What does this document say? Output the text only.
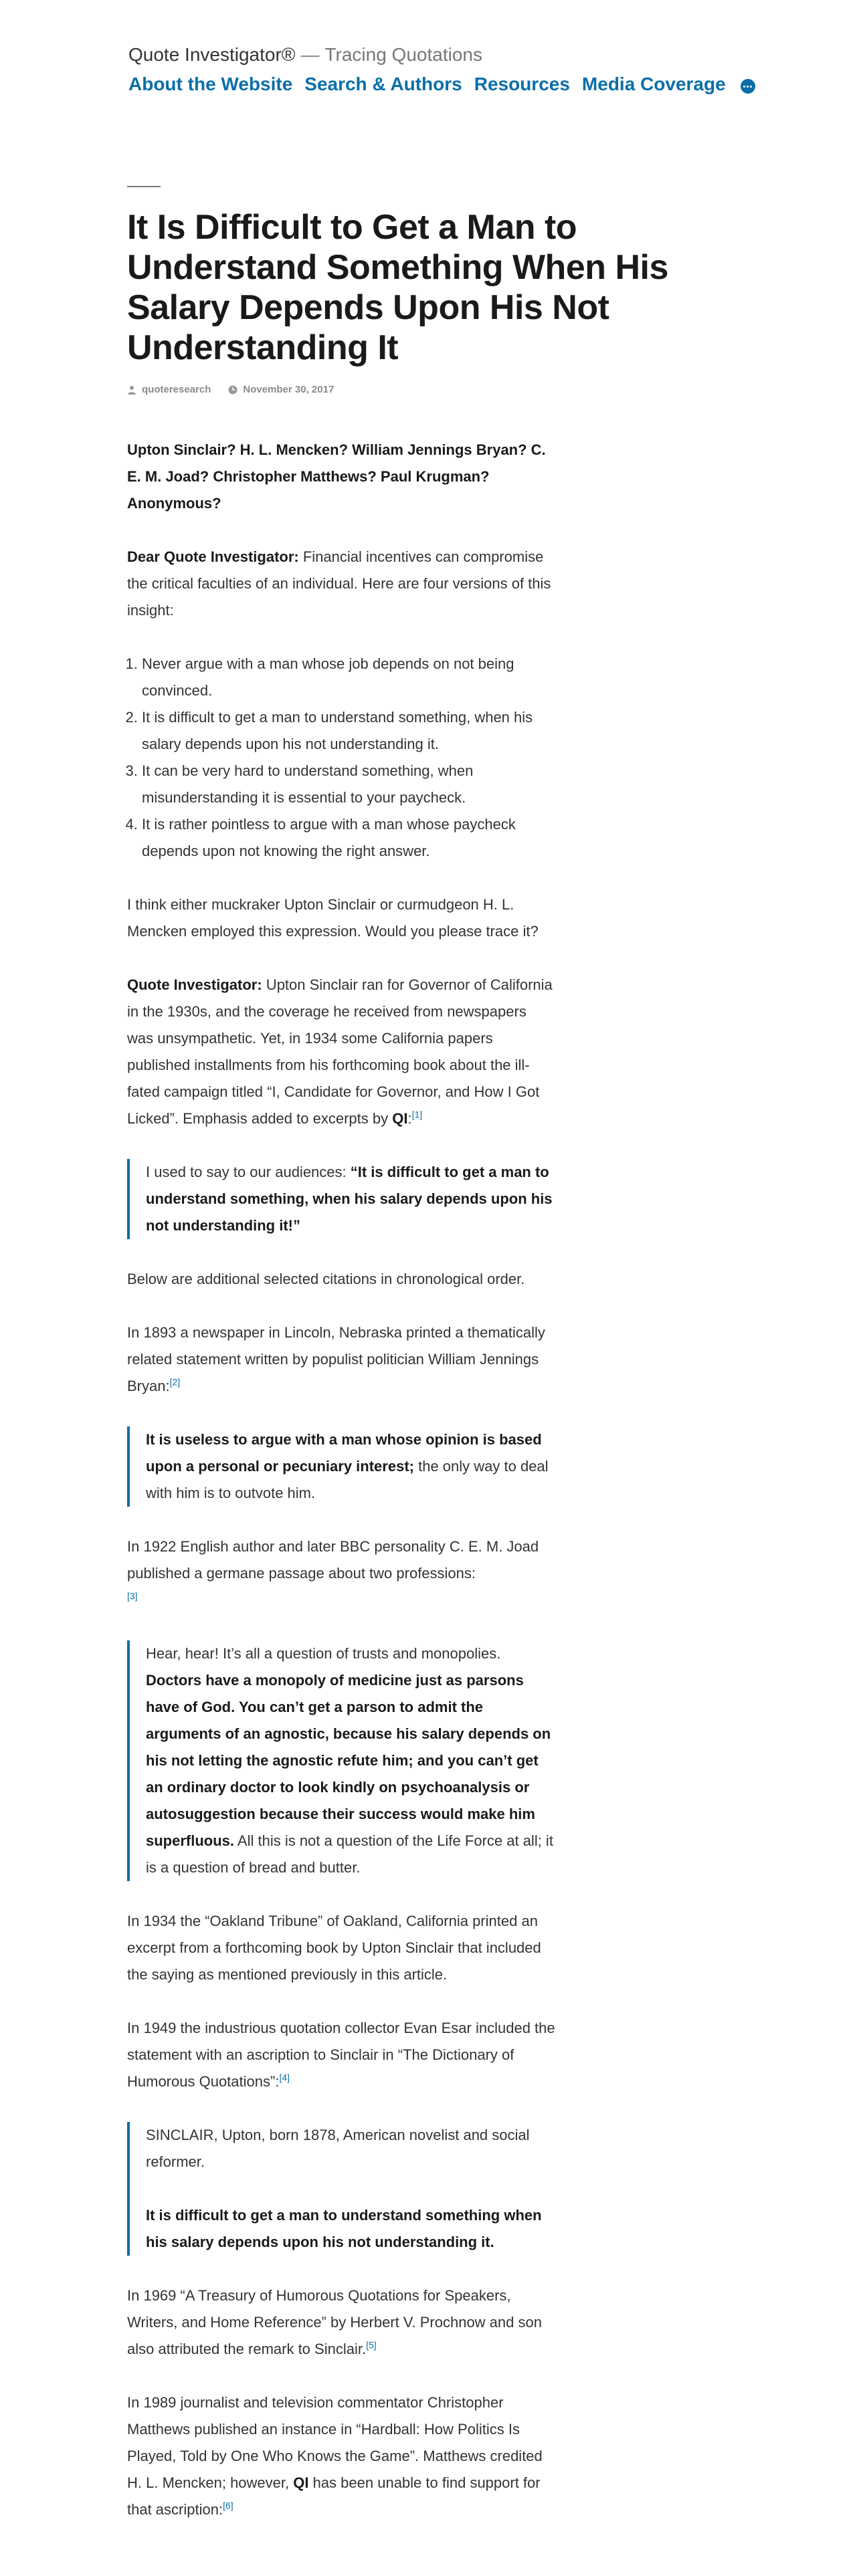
Quote Investigator® — Tracing Quotations
About the Website Search & Authors Resources Media Coverage
It Is Difficult to Get a Man to Understand Something When His Salary Depends Upon His Not Understanding It
quoteresearch	November 30, 2017

Upton Sinclair? H. L. Mencken? William Jennings Bryan? C. E. M. Joad? Christopher Matthews? Paul Krugman? Anonymous?

Dear Quote Investigator: Financial incentives can compromise the critical faculties of an individual. Here are four versions of this insight:

1. Never argue with a man whose job depends on not being convinced.
2. It is difficult to get a man to understand something, when his salary depends upon his not understanding it.
3. It can be very hard to understand something, when misunderstanding it is essential to your paycheck.
4. It is rather pointless to argue with a man whose paycheck depends upon not knowing the right answer.

I think either muckraker Upton Sinclair or curmudgeon H. L. Mencken employed this expression. Would you please trace it?

Quote Investigator: Upton Sinclair ran for Governor of California in the 1930s, and the coverage he received from newspapers was unsympathetic. Yet, in 1934 some California papers published installments from his forthcoming book about the ill-fated campaign titled “I, Candidate for Governor, and How I Got Licked”. Emphasis added to excerpts by QI:[1]

I used to say to our audiences: “It is difficult to get a man to understand something, when his salary depends upon his not understanding it!”

Below are additional selected citations in chronological order.

In 1893 a newspaper in Lincoln, Nebraska printed a thematically related statement written by populist politician William Jennings Bryan:[2]

It is useless to argue with a man whose opinion is based upon a personal or pecuniary interest; the only way to deal with him is to outvote him.

In 1922 English author and later BBC personality C. E. M. Joad published a germane passage about two professions:
[3]

Hear, hear! It’s all a question of trusts and monopolies. Doctors have a monopoly of medicine just as parsons have of God. You can’t get a parson to admit the arguments of an agnostic, because his salary depends on his not letting the agnostic refute him; and you can’t get an ordinary doctor to look kindly on psychoanalysis or autosuggestion because their success would make him superfluous. All this is not a question of the Life Force at all; it is a question of bread and butter.

In 1934 the “Oakland Tribune” of Oakland, California printed an excerpt from a forthcoming book by Upton Sinclair that included the saying as mentioned previously in this article.

In 1949 the industrious quotation collector Evan Esar included the statement with an ascription to Sinclair in “The Dictionary of Humorous Quotations”:[4]

SINCLAIR, Upton, born 1878, American novelist and social reformer.

It is difficult to get a man to understand something when his salary depends upon his not understanding it.

In 1969 “A Treasury of Humorous Quotations for Speakers, Writers, and Home Reference” by Herbert V. Prochnow and son also attributed the remark to Sinclair.[5]

In 1989 journalist and television commentator Christopher Matthews published an instance in “Hardball: How Politics Is Played, Told by One Who Knows the Game”. Matthews credited H. L. Mencken; however, QI has been unable to find support for that ascription:[6]
